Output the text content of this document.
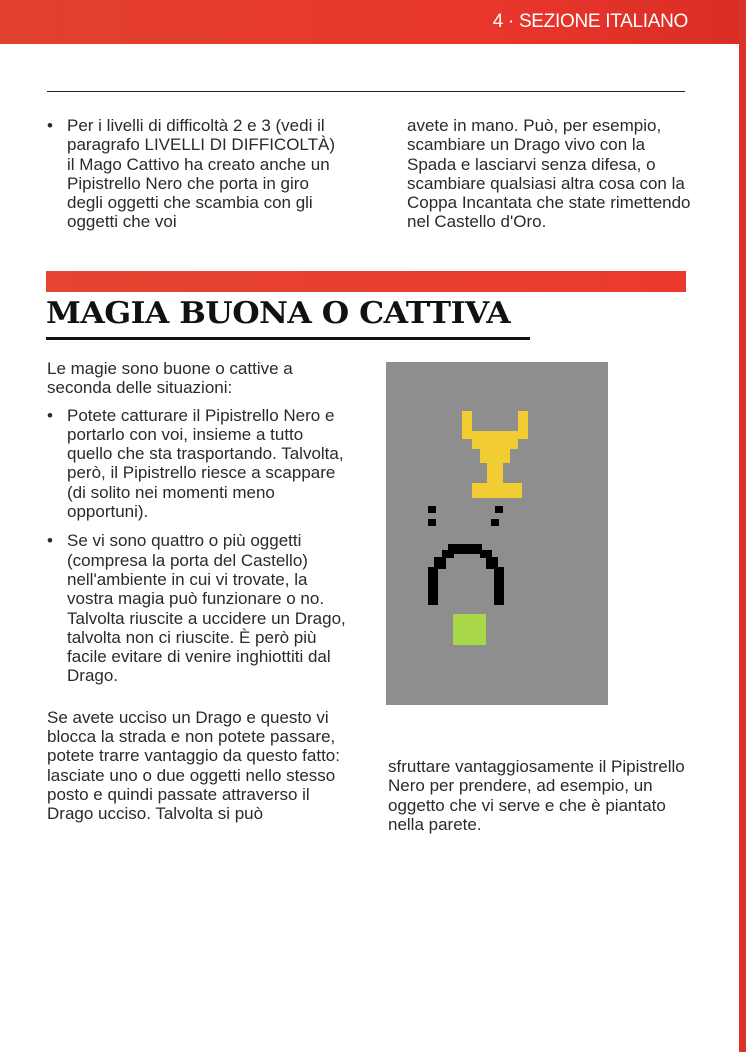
4 · SEZIONE ITALIANO
• Per i livelli di difficoltà 2 e 3 (vedi il paragrafo LIVELLI DI DIFFICOLTÀ) il Mago Cattivo ha creato anche un Pipistrello Nero che porta in giro degli oggetti che scambia con gli oggetti che voi

avete in mano. Può, per esempio, scambiare un Drago vivo con la Spada e lasciarvi senza difesa, o scambiare qualsiasi altra cosa con la Coppa Incantata che state rimettendo nel Castello d'Oro.

MAGIA BUONA O CATTIVA

Le magie sono buone o cattive a seconda delle situazioni:

• Potete catturare il Pipistrello Nero e portarlo con voi, insieme a tutto quello che sta trasportando. Talvolta, però, il Pipistrello riesce a scappare (di solito nei momenti meno opportuni).
• Se vi sono quattro o più oggetti (compresa la porta del Castello) nell'ambiente in cui vi trovate, la vostra magia può funzionare o no. Talvolta riuscite a uccidere un Drago, talvolta non ci riuscite. È però più facile evitare di venire inghiottiti dal Drago.

Se avete ucciso un Drago e questo vi blocca la strada e non potete passare, potete trarre vantaggio da questo fatto: lasciate uno o due oggetti nello stesso posto e quindi passate attraverso il Drago ucciso. Talvolta si può

sfruttare vantaggiosamente il Pipistrello Nero per prendere, ad esempio, un oggetto che vi serve e che è piantato nella parete.
